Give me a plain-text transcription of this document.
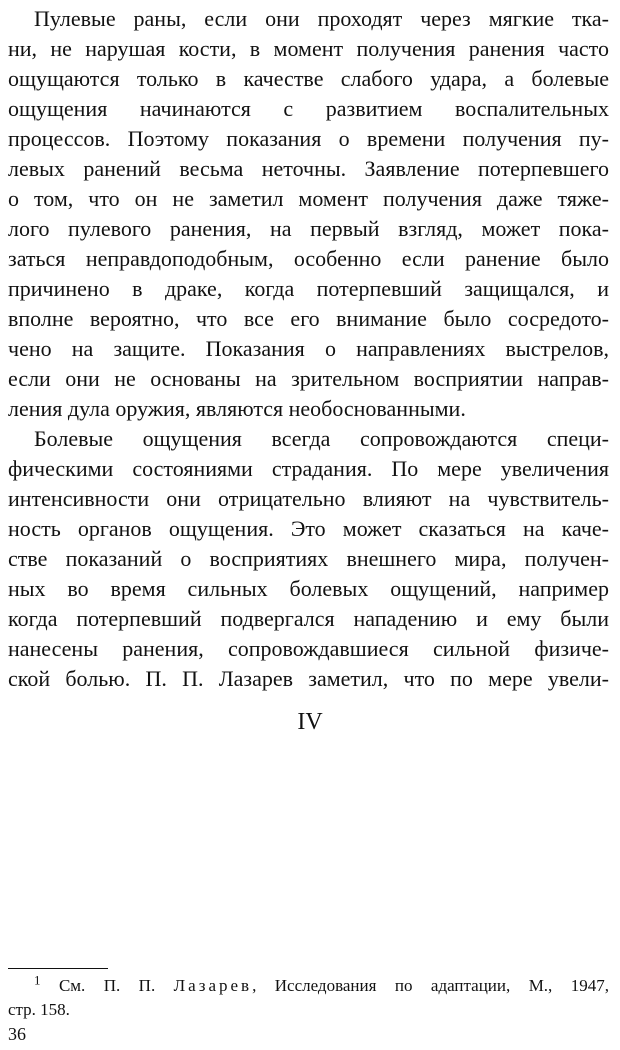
Пулевые раны, если они проходят через мягкие тка-
ни, не нарушая кости, в момент получения ранения часто
ощущаются только в качестве слабого удара, а болевые
ощущения начинаются с развитием воспалительных
процессов. Поэтому показания о времени получения пу-
левых ранений весьма неточны. Заявление потерпевшего
о том, что он не заметил момент получения даже тяже-
лого пулевого ранения, на первый взгляд, может пока-
заться неправдоподобным, особенно если ранение было
причинено в драке, когда потерпевший защищался, и
вполне вероятно, что все его внимание было сосредото-
чено на защите. Показания о направлениях выстрелов,
если они не основаны на зрительном восприятии направ-
ления дула оружия, являются необоснованными.
Болевые ощущения всегда сопровождаются специ-
фическими состояниями страдания. По мере увеличения
интенсивности они отрицательно влияют на чувствитель-
ность органов ощущения. Это может сказаться на каче-
стве показаний о восприятиях внешнего мира, получен-
ных во время сильных болевых ощущений, например
когда потерпевший подвергался нападению и ему были
нанесены ранения, сопровождавшиеся сильной физиче-
ской болью. П. П. Лазарев заметил, что по мере увели-
IV
$^1$ См. П. П. Лазарев, Исследования по адаптации, М., 1947,
стр. 158.
36
